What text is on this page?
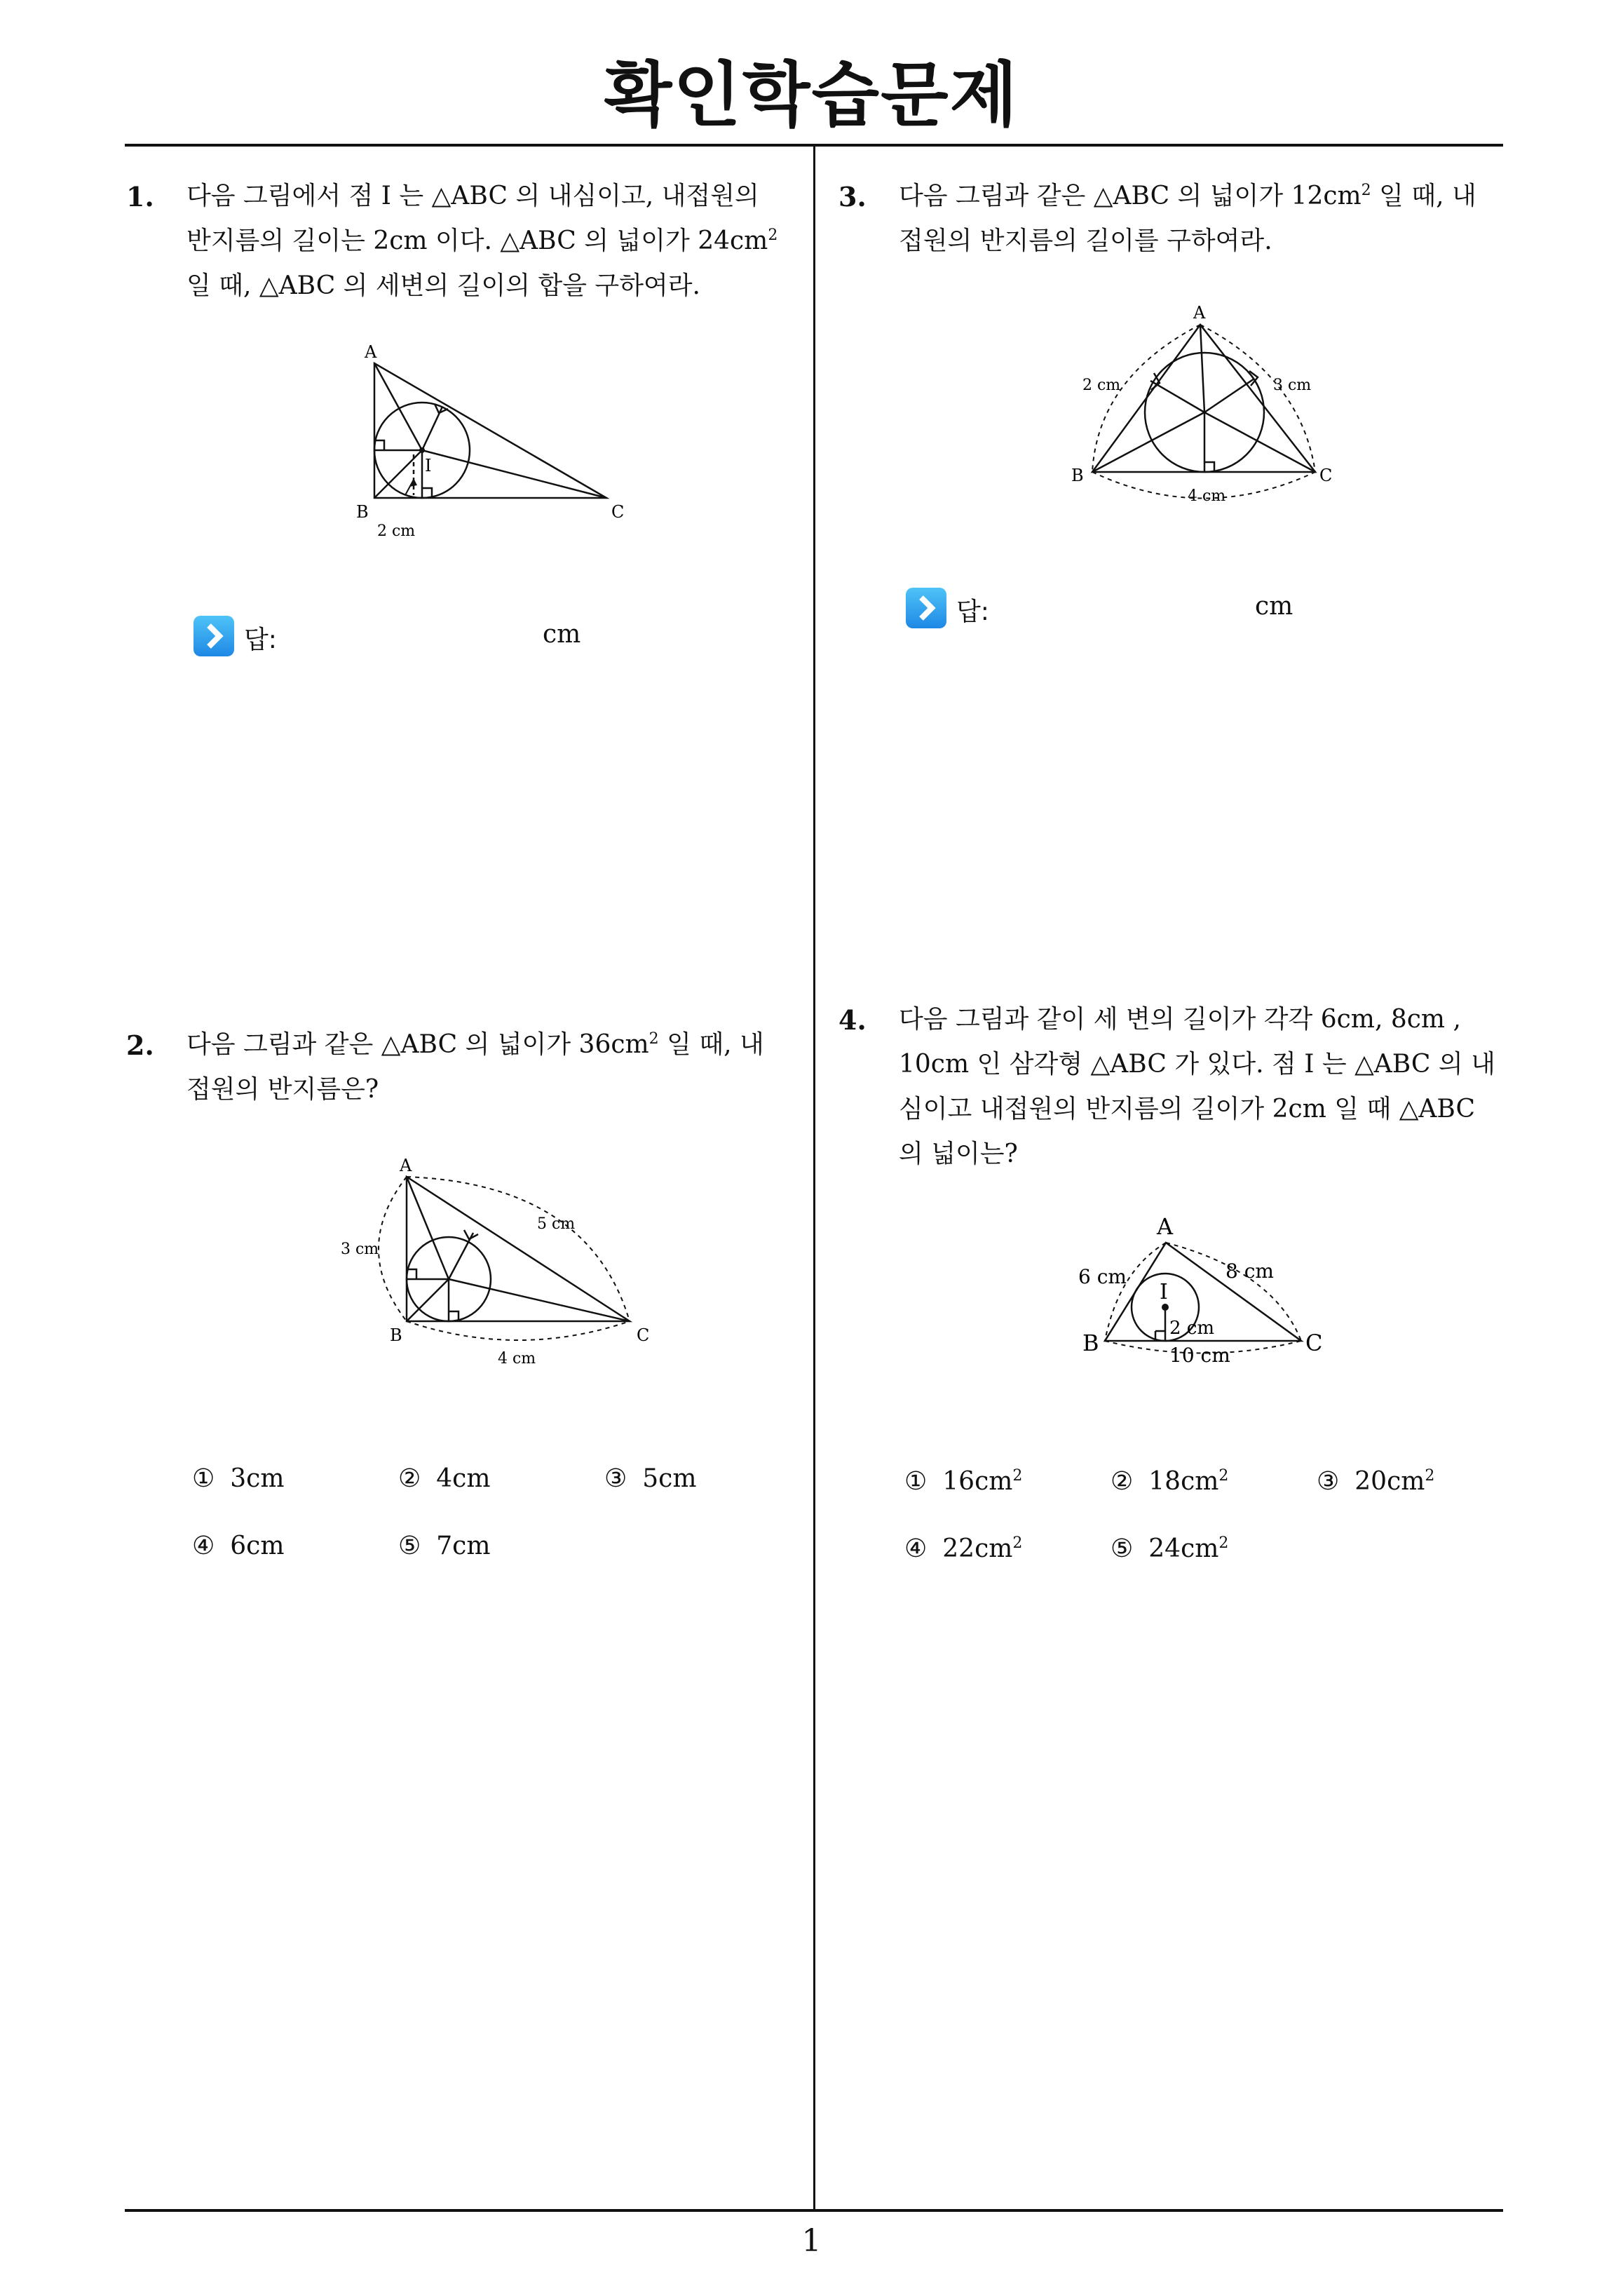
확인학습문제
1
1. 다음 그림에서 점 I 는 △ABC 의 내심이고, 내접원의
반지름의 길이는 2cm 이다. △ABC 의 넓이가 $24cm^2$
일 때, △ABC 의 세변의 길이의 합을 구하여라.
A
B	C
I
2 cm
답:	cm
2. 다음 그림과 같은 △ABC 의 넓이가 $36cm^2$ 일 때, 내
접원의 반지름은?
A
B	C
3 cm
5 cm
4 cm
① 3cm	② 4cm	③ 5cm
④ 6cm	⑤ 7cm
3. 다음 그림과 같은 △ABC 의 넓이가 $12cm^2$ 일 때, 내
접원의 반지름의 길이를 구하여라.
A
B	C
2 cm	3 cm
4 cm
답:	cm
4. 다음 그림과 같이 세 변의 길이가 각각 6cm, 8cm ,
10cm 인 삼각형 △ABC 가 있다. 점 I 는 △ABC 의 내
심이고 내접원의 반지름의 길이가 2cm 일 때 △ABC
의 넓이는?
A
B	C
I
6 cm	8 cm
10 cm
2 cm
① $16cm^2$	② $18cm^2$	③ $20cm^2$
④ $22cm^2$	⑤ $24cm^2$
